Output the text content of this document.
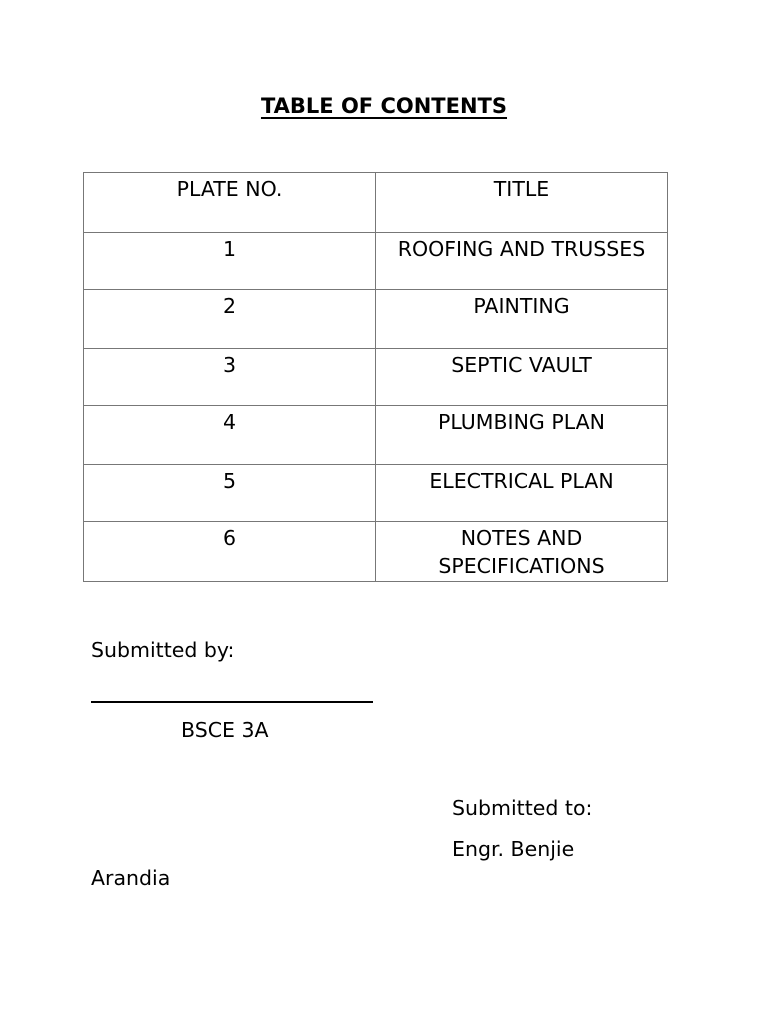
TABLE OF CONTENTS
PLATE NO.	TITLE
1	ROOFING AND TRUSSES
2	PAINTING
3	SEPTIC VAULT
4	PLUMBING PLAN
5	ELECTRICAL PLAN
6	NOTES AND
SPECIFICATIONS
Submitted by:
BSCE 3A
Submitted to:
Engr. Benjie
Arandia
